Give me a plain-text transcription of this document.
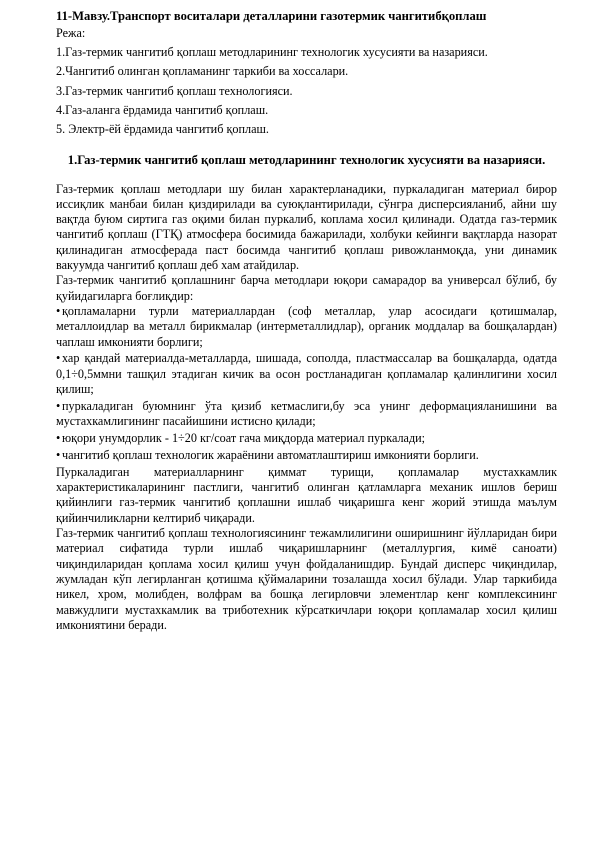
11-Мавзу.Транспорт воситалари деталларини газотермик чангитибқоплаш

Режа:

1.Газ-термик чангитиб қоплаш методларининг технологик хусусияти ва назарияси.

2.Чангитиб олинган қопламанинг таркиби ва хоссалари.

3.Газ-термик чангитиб қоплаш технологияси.

4.Газ-аланга ёрдамида чангитиб қоплаш.

5. Электр-ёй ёрдамида чангитиб қоплаш.

1.Газ-термик чангитиб қоплаш методларининг технологик хусусияти ва назарияси.

Газ-термик қоплаш методлари шу билан характерланадики, пуркаладиган материал бирор иссиқлик манбаи билан қиздирилади ва суюқлантирилади, сўнгра дисперсияланиб, айни шу вақтда буюм сиртига газ оқими билан пуркалиб, коплама хосил қилинади. Одатда газ-термик чангитиб қоплаш (ГТҚ) атмосфера босимида бажарилади, холбуки кейинги вақтларда назорат қилинадиган атмосферада паст босимда чангитиб қоплаш ривожланмоқда, уни динамик вакуумда чангитиб қоплаш деб хам атайдилар.

Газ-термик чангитиб қоплашнинг барча методлари юқори самарадор ва универсал бўлиб, бу қуйидагиларга боғлиқдир:

• қопламаларни турли материаллардан (соф металлар, улар асосидаги қотишмалар, металлоидлар ва металл бирикмалар (интерметаллидлар), органик моддалар ва бошқалардан) чаплаш имконияти борлиги;

• хар қандай материалда-металларда, шишада, сополда, пластмассалар ва бошқаларда, одатда 0,1÷0,5ммни ташқил этадиган кичик ва осон ростланадиган қопламалар қалинлигини хосил қилиш;

• пуркаладиган буюмнинг ўта қизиб кетмаслиги,бу эса унинг деформацияланишини ва мустахкамлигининг пасайишини истисно қилади;

• юқори унумдорлик - 1÷20 кг/соат гача миқдорда материал пуркалади;

• чангитиб қоплаш технологик жараёнини автоматлаштириш имконияти борлиги.

Пуркаладиган материалларнинг қиммат турищи, қопламалар мустахкамлик характеристикаларининг пастлиги, чангитиб олинган қатламларга механик ишлов бериш қийинлиги газ-термик чангитиб қоплашни ишлаб чиқаришга кенг жорий этишда маълум қийинчиликларни келтириб чиқаради.

Газ-термик чангитиб қоплаш технологиясининг тежамлилигини оширишнинг йўлларидан бири материал сифатида турли ишлаб чиқаришларнинг (металлургия, кимё саноати) чиқиндиларидан қоплама хосил қилиш учун фойдаланишдир. Бундай дисперс чиқиндилар, жумладан кўп легирланган қотишма қўймаларини тозалашда хосил бўлади. Улар таркибида никел, хром, молибден, волфрам ва бошқа легирловчи элементлар кенг комплексининг мавжудлиги мустахкамлик ва триботехник кўрсаткичлари юқори қопламалар хосил қилиш имкониятини беради.
